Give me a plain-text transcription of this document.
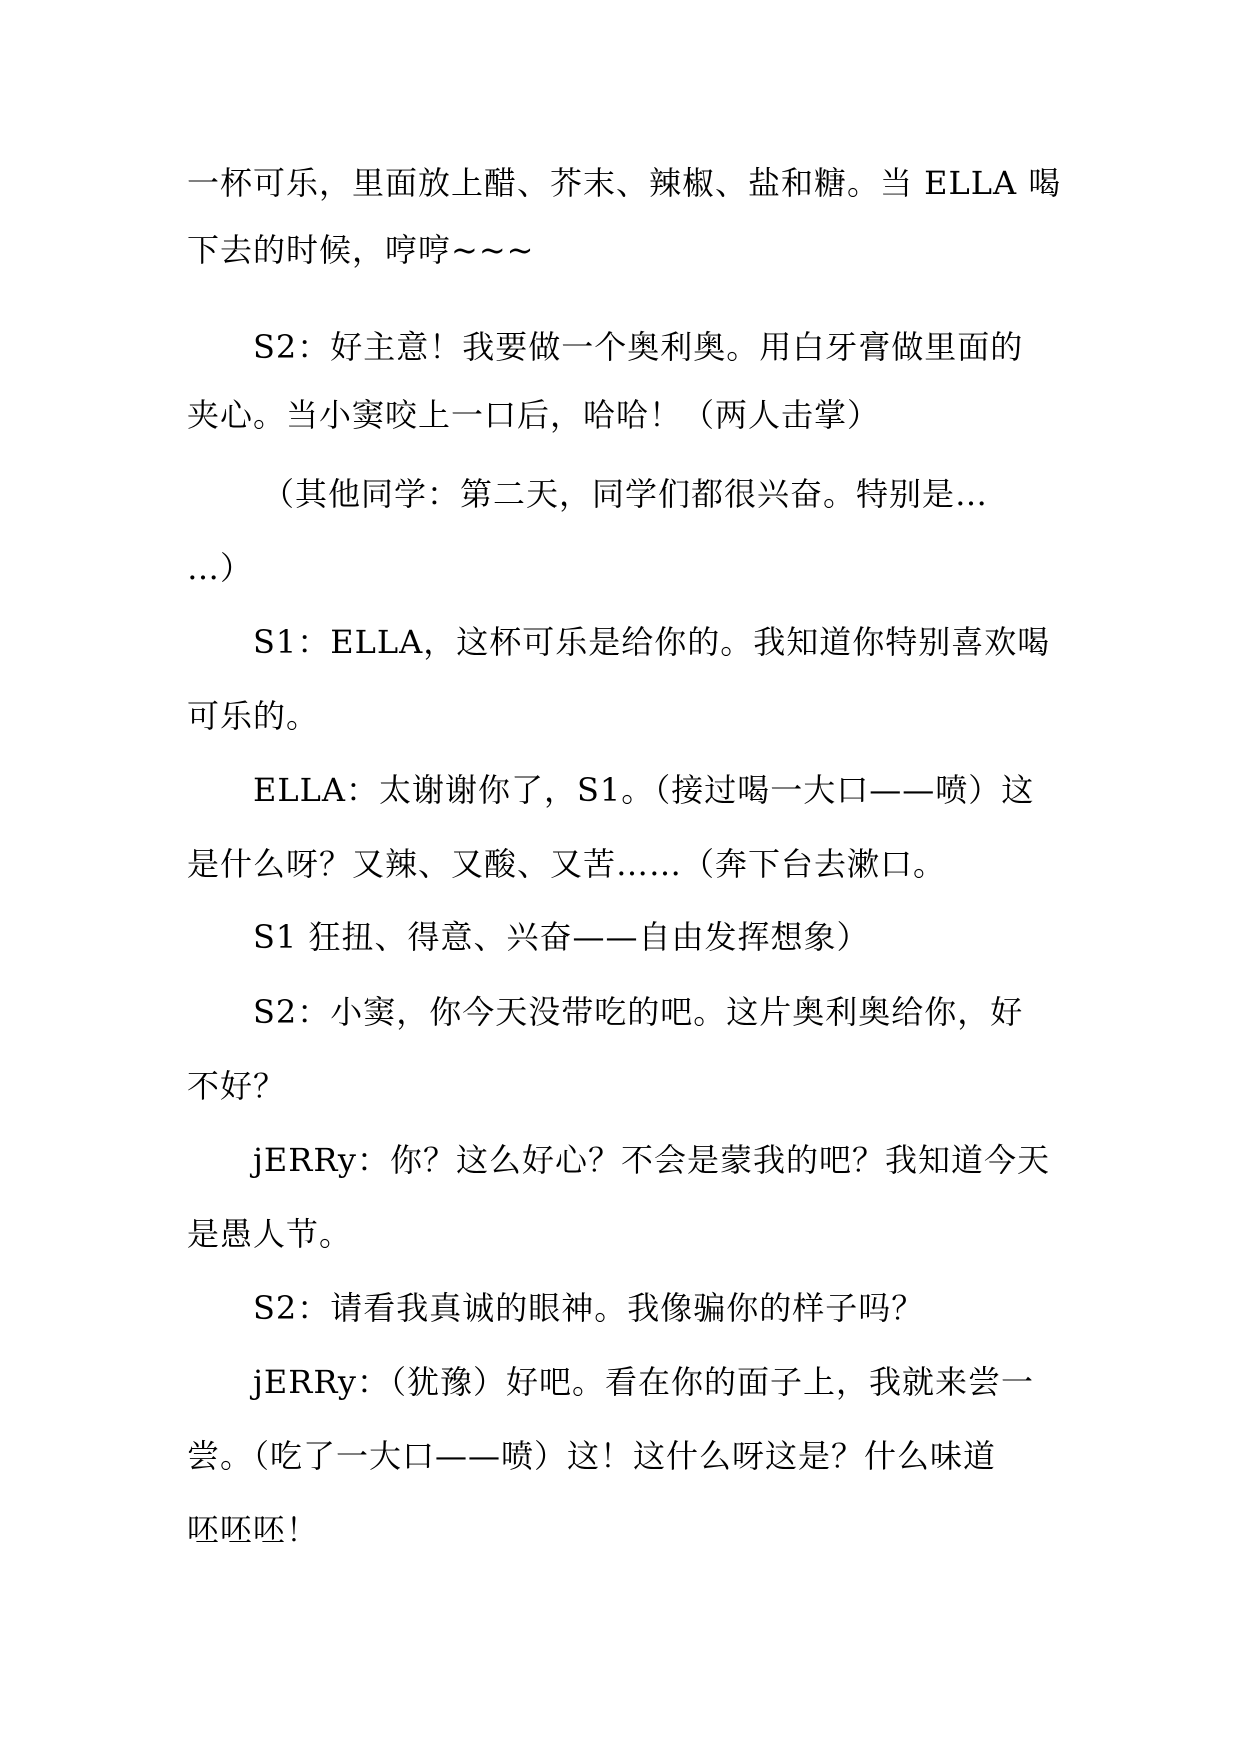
一杯可乐，里面放上醋、芥末、辣椒、盐和糖。当 ELLA 喝
下去的时候，哼哼~~~
S2：好主意！我要做一个奥利奥。用白牙膏做里面的
夹心。当小窦咬上一口后，哈哈！（两人击掌）
（其他同学：第二天，同学们都很兴奋。特别是…
…）
S1：ELLA，这杯可乐是给你的。我知道你特别喜欢喝
可乐的。
ELLA：太谢谢你了，S1。（接过喝一大口——喷）这
是什么呀？又辣、又酸、又苦……（奔下台去漱口。
S1 狂扭、得意、兴奋——自由发挥想象）
S2：小窦，你今天没带吃的吧。这片奥利奥给你，好
不好？
jERRy：你？这么好心？不会是蒙我的吧？我知道今天
是愚人节。
S2：请看我真诚的眼神。我像骗你的样子吗？
jERRy：（犹豫）好吧。看在你的面子上，我就来尝一
尝。（吃了一大口——喷）这！这什么呀这是？什么味道
呸呸呸！
